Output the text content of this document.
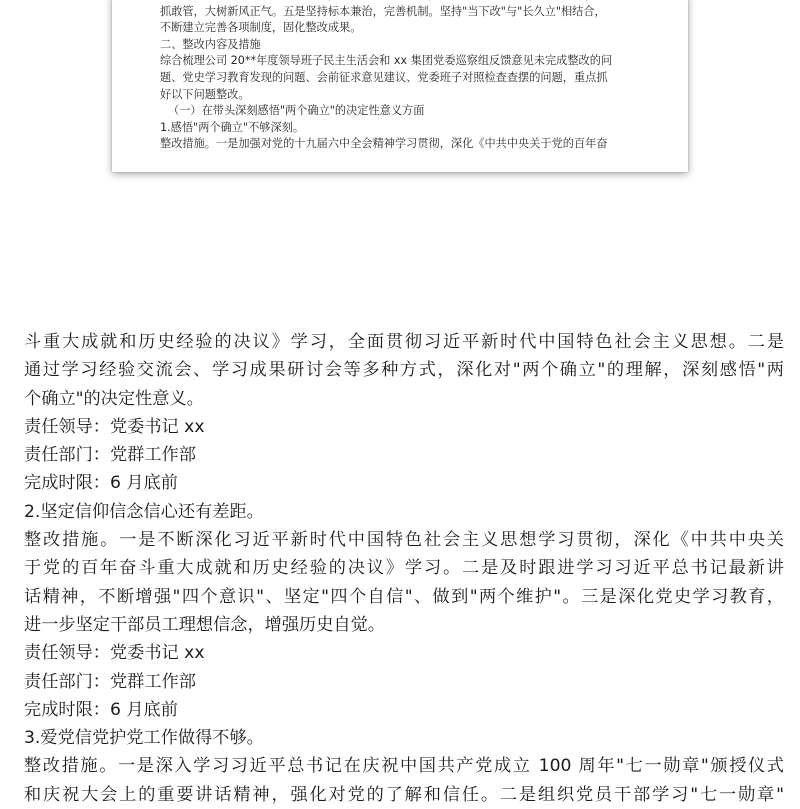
抓敢管，大树新风正气。五是坚持标本兼治，完善机制。坚持"当下改"与"长久立"相结合，
不断建立完善各项制度，固化整改成果。
二、整改内容及措施
综合梳理公司 20**年度领导班子民主生活会和 xx 集团党委巡察组反馈意见未完成整改的问
题、党史学习教育发现的问题、会前征求意见建议、党委班子对照检查查摆的问题，重点抓
好以下问题整改。
（一）在带头深刻感悟"两个确立"的决定性意义方面
1.感悟"两个确立"不够深刻。
整改措施。一是加强对党的十九届六中全会精神学习贯彻，深化《中共中央关于党的百年奋
斗重大成就和历史经验的决议》学习，全面贯彻习近平新时代中国特色社会主义思想。二是
通过学习经验交流会、学习成果研讨会等多种方式，深化对"两个确立"的理解，深刻感悟"两
个确立"的决定性意义。
责任领导：党委书记 xx
责任部门：党群工作部
完成时限：6 月底前
2.坚定信仰信念信心还有差距。
整改措施。一是不断深化习近平新时代中国特色社会主义思想学习贯彻，深化《中共中央关
于党的百年奋斗重大成就和历史经验的决议》学习。二是及时跟进学习习近平总书记最新讲
话精神，不断增强"四个意识"、坚定"四个自信"、做到"两个维护"。三是深化党史学习教育，
进一步坚定干部员工理想信念，增强历史自觉。
责任领导：党委书记 xx
责任部门：党群工作部
完成时限：6 月底前
3.爱党信党护党工作做得不够。
整改措施。一是深入学习习近平总书记在庆祝中国共产党成立 100 周年"七一勋章"颁授仪式
和庆祝大会上的重要讲话精神，强化对党的了解和信任。二是组织党员干部学习"七一勋章"
